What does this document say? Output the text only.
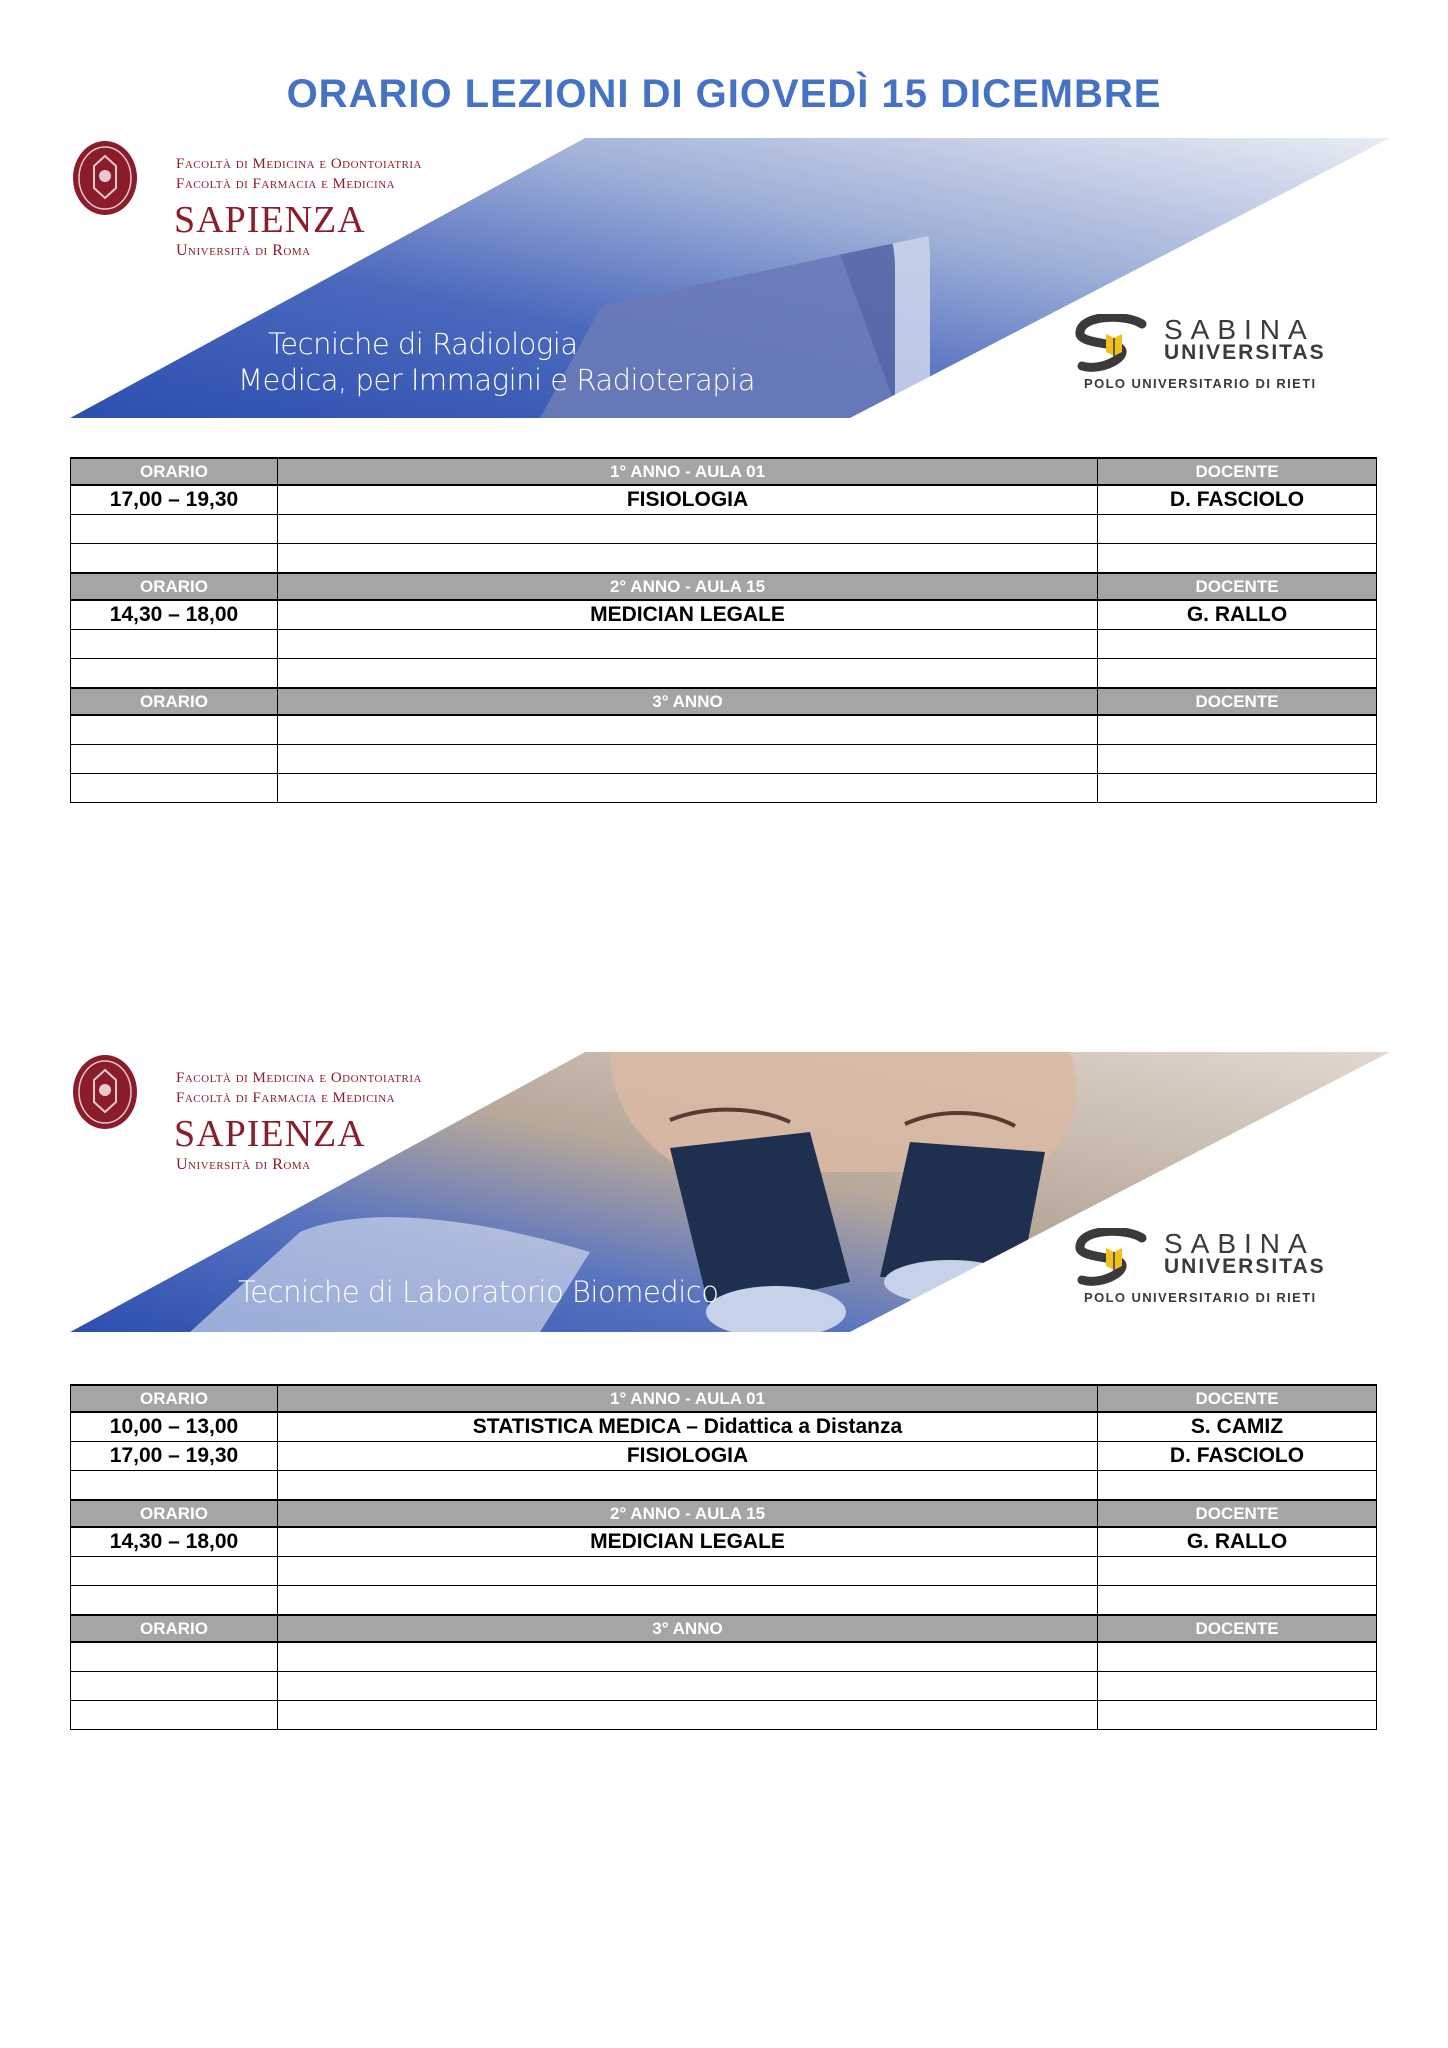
ORARIO LEZIONI DI GIOVEDÌ 15 DICEMBRE
Facoltà di Medicina e Odontoiatria
Facoltà di Farmacia e Medicina
SAPIENZA
Università di Roma
Tecniche di Radiologia
Medica, per Immagini e Radioterapia
SABINA
UNIVERSITAS
POLO UNIVERSITARIO DI RIETI
ORARIO	1° ANNO - AULA 01	DOCENTE
17,00 – 19,30	FISIOLOGIA	D. FASCIOLO

ORARIO	2° ANNO - AULA 15	DOCENTE
14,30 – 18,00	MEDICIAN LEGALE	G. RALLO

ORARIO	3° ANNO	DOCENTE

Facoltà di Medicina e Odontoiatria
Facoltà di Farmacia e Medicina
SAPIENZA
Università di Roma
Tecniche di Laboratorio Biomedico
SABINA
UNIVERSITAS
POLO UNIVERSITARIO DI RIETI
ORARIO	1° ANNO - AULA 01	DOCENTE
10,00 – 13,00	STATISTICA MEDICA – Didattica a Distanza	S. CAMIZ
17,00 – 19,30	FISIOLOGIA	D. FASCIOLO

ORARIO	2° ANNO - AULA 15	DOCENTE
14,30 – 18,00	MEDICIAN LEGALE	G. RALLO

ORARIO	3° ANNO	DOCENTE
